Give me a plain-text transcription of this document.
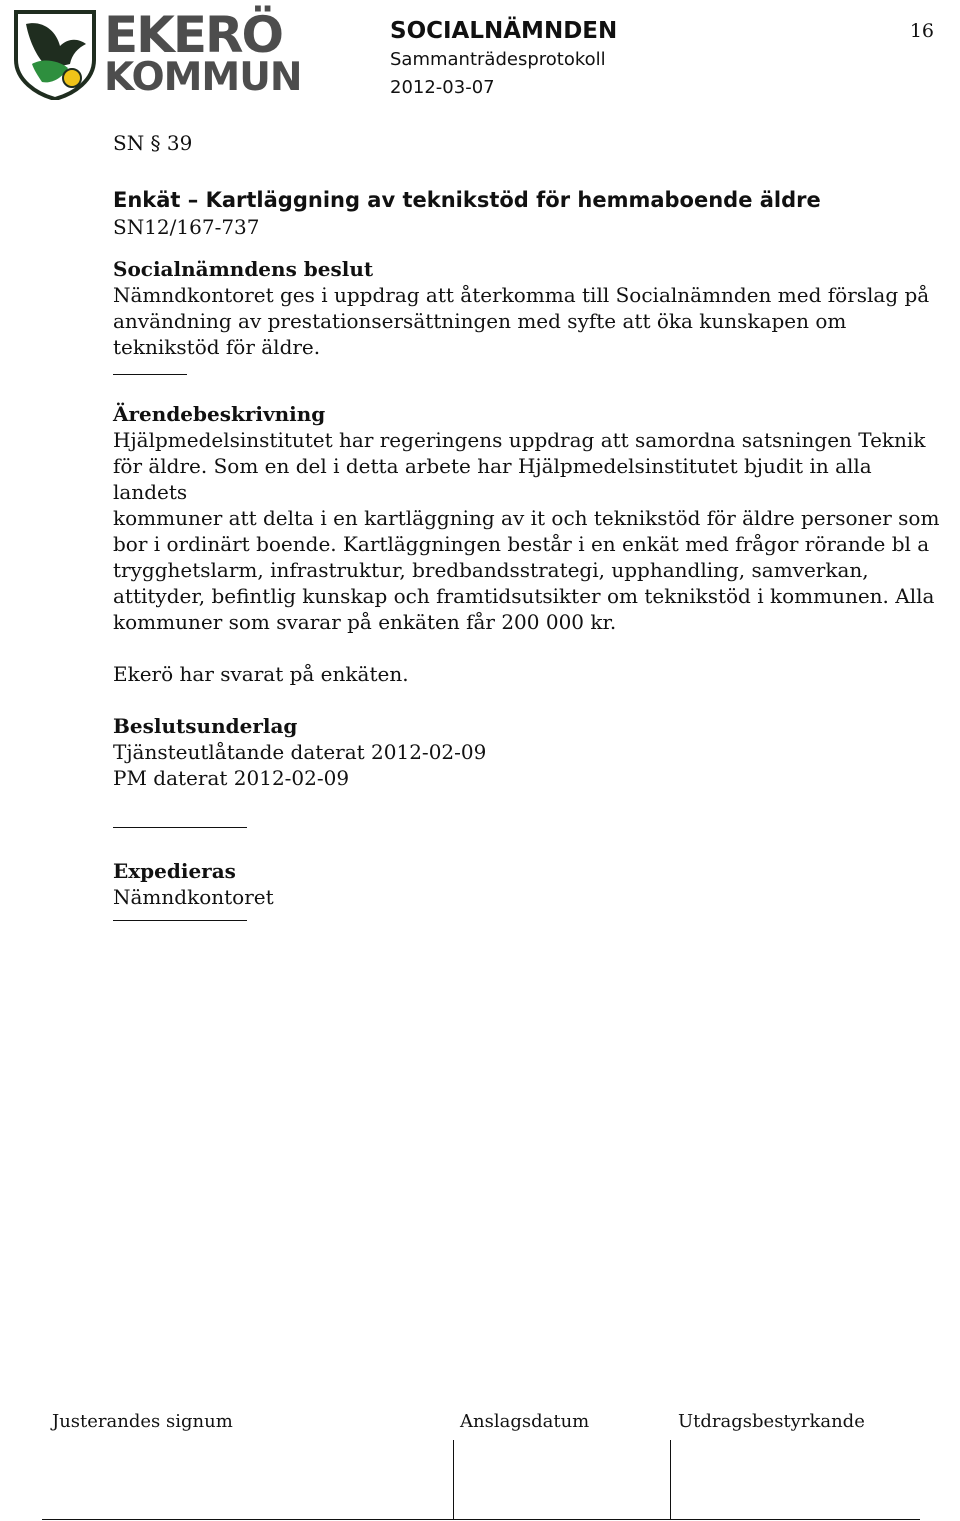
EKERÖ
KOMMUN
SOCIALNÄMNDEN
Sammanträdesprotokoll
2012-03-07
16

SN § 39

Enkät – Kartläggning av teknikstöd för hemmaboende äldre

SN12/167-737

Socialnämndens beslut

Nämndkontoret ges i uppdrag att återkomma till Socialnämnden med förslag på

användning av prestationsersättningen med syfte att öka kunskapen om

teknikstöd för äldre.

Ärendebeskrivning

Hjälpmedelsinstitutet har regeringens uppdrag att samordna satsningen Teknik

för äldre. Som en del i detta arbete har Hjälpmedelsinstitutet bjudit in alla landets

kommuner att delta i en kartläggning av it och teknikstöd för äldre personer som

bor i ordinärt boende. Kartläggningen består i en enkät med frågor rörande bl a

trygghetslarm, infrastruktur, bredbandsstrategi, upphandling, samverkan,

attityder, befintlig kunskap och framtidsutsikter om teknikstöd i kommunen. Alla

kommuner som svarar på enkäten får 200 000 kr.

Ekerö har svarat på enkäten.

Beslutsunderlag

Tjänsteutlåtande daterat 2012-02-09

PM daterat 2012-02-09

Expedieras

Nämndkontoret

Justerandes signum	Anslagsdatum	Utdragsbestyrkande
